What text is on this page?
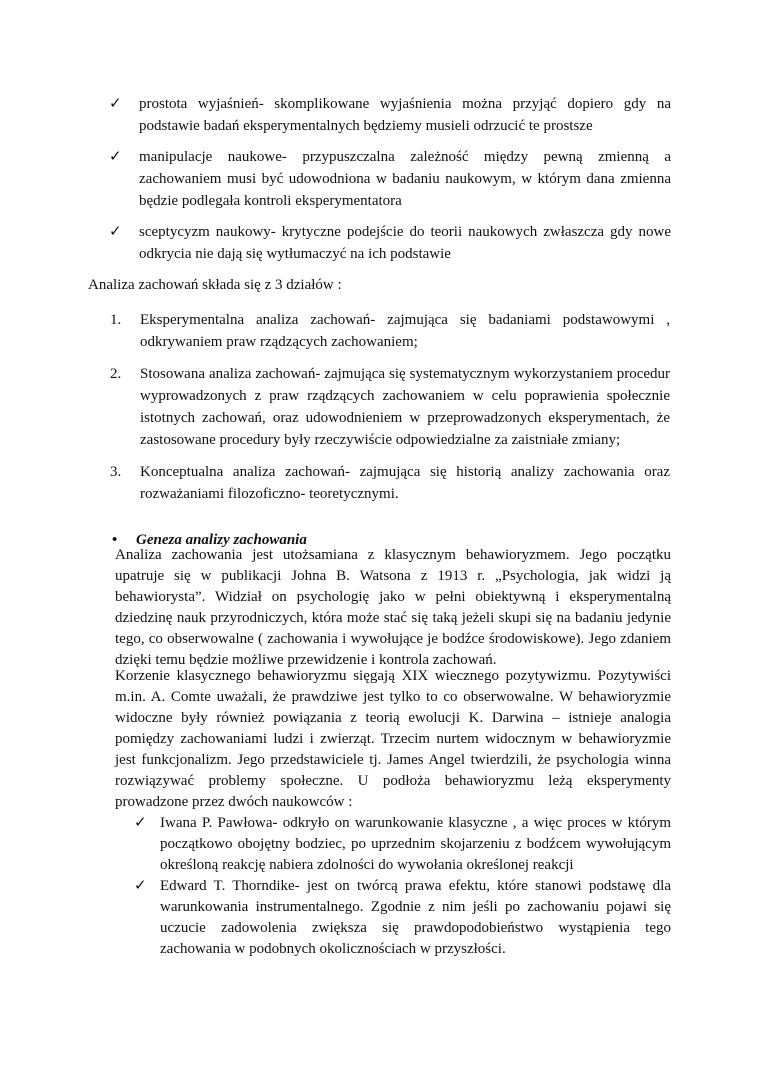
✓	prostota wyjaśnień- skomplikowane wyjaśnienia można przyjąć dopiero gdy na podstawie badań eksperymentalnych będziemy musieli odrzucić te prostsze
✓	manipulacje naukowe- przypuszczalna zależność między pewną zmienną a zachowaniem musi być udowodniona w badaniu naukowym, w którym dana zmienna będzie podlegała kontroli eksperymentatora
✓	sceptycyzm naukowy- krytyczne podejście do teorii naukowych zwłaszcza gdy nowe odkrycia nie dają się wytłumaczyć na ich podstawie
Analiza zachowań składa się z 3 działów :
1.	Eksperymentalna analiza zachowań- zajmująca się badaniami podstawowymi , odkrywaniem praw rządzących zachowaniem;
2.	Stosowana analiza zachowań- zajmująca się systematycznym wykorzystaniem procedur wyprowadzonych z praw rządzących zachowaniem w celu poprawienia społecznie istotnych zachowań, oraz udowodnieniem w przeprowadzonych eksperymentach, że zastosowane procedury były rzeczywiście odpowiedzialne za zaistniałe zmiany;
3.	Konceptualna analiza zachowań- zajmująca się historią analizy zachowania oraz rozważaniami filozoficzno- teoretycznymi.
• Geneza analizy zachowania
Analiza zachowania jest utożsamiana z klasycznym behawioryzmem. Jego początku upatruje się w publikacji Johna B. Watsona z 1913 r. „Psychologia, jak widzi ją behawiorysta”. Widział on psychologię jako w pełni obiektywną i eksperymentalną dziedzinę nauk przyrodniczych, która może stać się taką jeżeli skupi się na badaniu jedynie tego, co obserwowalne ( zachowania i wywołujące je bodźce środowiskowe). Jego zdaniem dzięki temu będzie możliwe przewidzenie i kontrola zachowań.
Korzenie klasycznego behawioryzmu sięgają XIX wiecznego pozytywizmu. Pozytywiści m.in. A. Comte uważali, że prawdziwe jest tylko to co obserwowalne. W behawioryzmie widoczne były również powiązania z teorią ewolucji K. Darwina – istnieje analogia pomiędzy zachowaniami ludzi i zwierząt. Trzecim nurtem widocznym w behawioryzmie jest funkcjonalizm. Jego przedstawiciele tj. James Angel twierdzili, że psychologia winna rozwiązywać problemy społeczne. U podłoża behawioryzmu leżą eksperymenty prowadzone przez dwóch naukowców :
✓ Iwana P. Pawłowa- odkryło on warunkowanie klasyczne , a więc proces w którym początkowo obojętny bodziec, po uprzednim skojarzeniu z bodźcem wywołującym określoną reakcję nabiera zdolności do wywołania określonej reakcji
✓ Edward T. Thorndike- jest on twórcą prawa efektu, które stanowi podstawę dla warunkowania instrumentalnego. Zgodnie z nim jeśli po zachowaniu pojawi się uczucie zadowolenia zwiększa się prawdopodobieństwo wystąpienia tego zachowania w podobnych okolicznościach w przyszłości.
